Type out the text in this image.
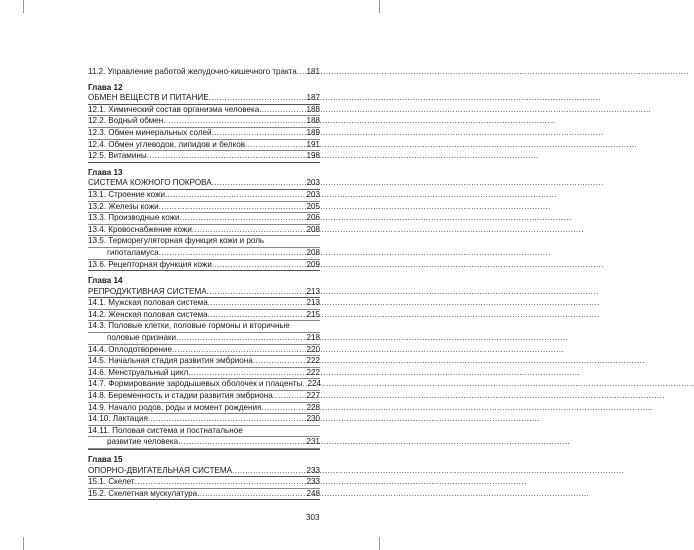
11.2. Управление работой желудочно-кишечного тракта ..... 181
Глава 12
ОБМЕН ВЕЩЕСТВ И ПИТАНИЕ .....	187
12.1. Химический состав организма человека .....	188
12.2. Водный обмен .....	188
12.3. Обмен минеральных солей .....	189
12.4. Обмен углеводов, липидов и белков .....	191
12.5. Витамины .....	198
Глава 13
СИСТЕМА КОЖНОГО ПОКРОВА .....	203
13.1. Строение кожи .....	203
13.2. Железы кожи .....	205
13.3. Производные кожи .....	206
13.4. Кровоснабжение кожи .....	208
13.5. Терморегуляторная функция кожи и роль
гипоталамуса .....	208
13.6. Рецепторная функция кожи .....	209
Глава 14
РЕПРОДУКТИВНАЯ СИСТЕМА .....	213
14.1. Мужская половая система .....	213
14.2. Женская половая система .....	215
14.3. Половые клетки, половые гормоны и вторичные
половые признаки .....	218
14.4. Оплодотворение .....	220
14.5. Начальная стадия развития эмбриона .....	222
14.6. Менструальный цикл .....	222
14.7. Формирование зародышевых оболочек и плаценты ..... 224
14.8. Беременность и стадии развития эмбриона .....	227
14.9. Начало родов, роды и момент рождения .....	228
14.10. Лактация .....	230
14.11. Половая система и постнатальное
развитие человека .....	231
Глава 15
ОПОРНО-ДВИГАТЕЛЬНАЯ СИСТЕМА .....	233
15.1. Скелет .....	233
15.2. Скелетная мускулатура .....	248
303
